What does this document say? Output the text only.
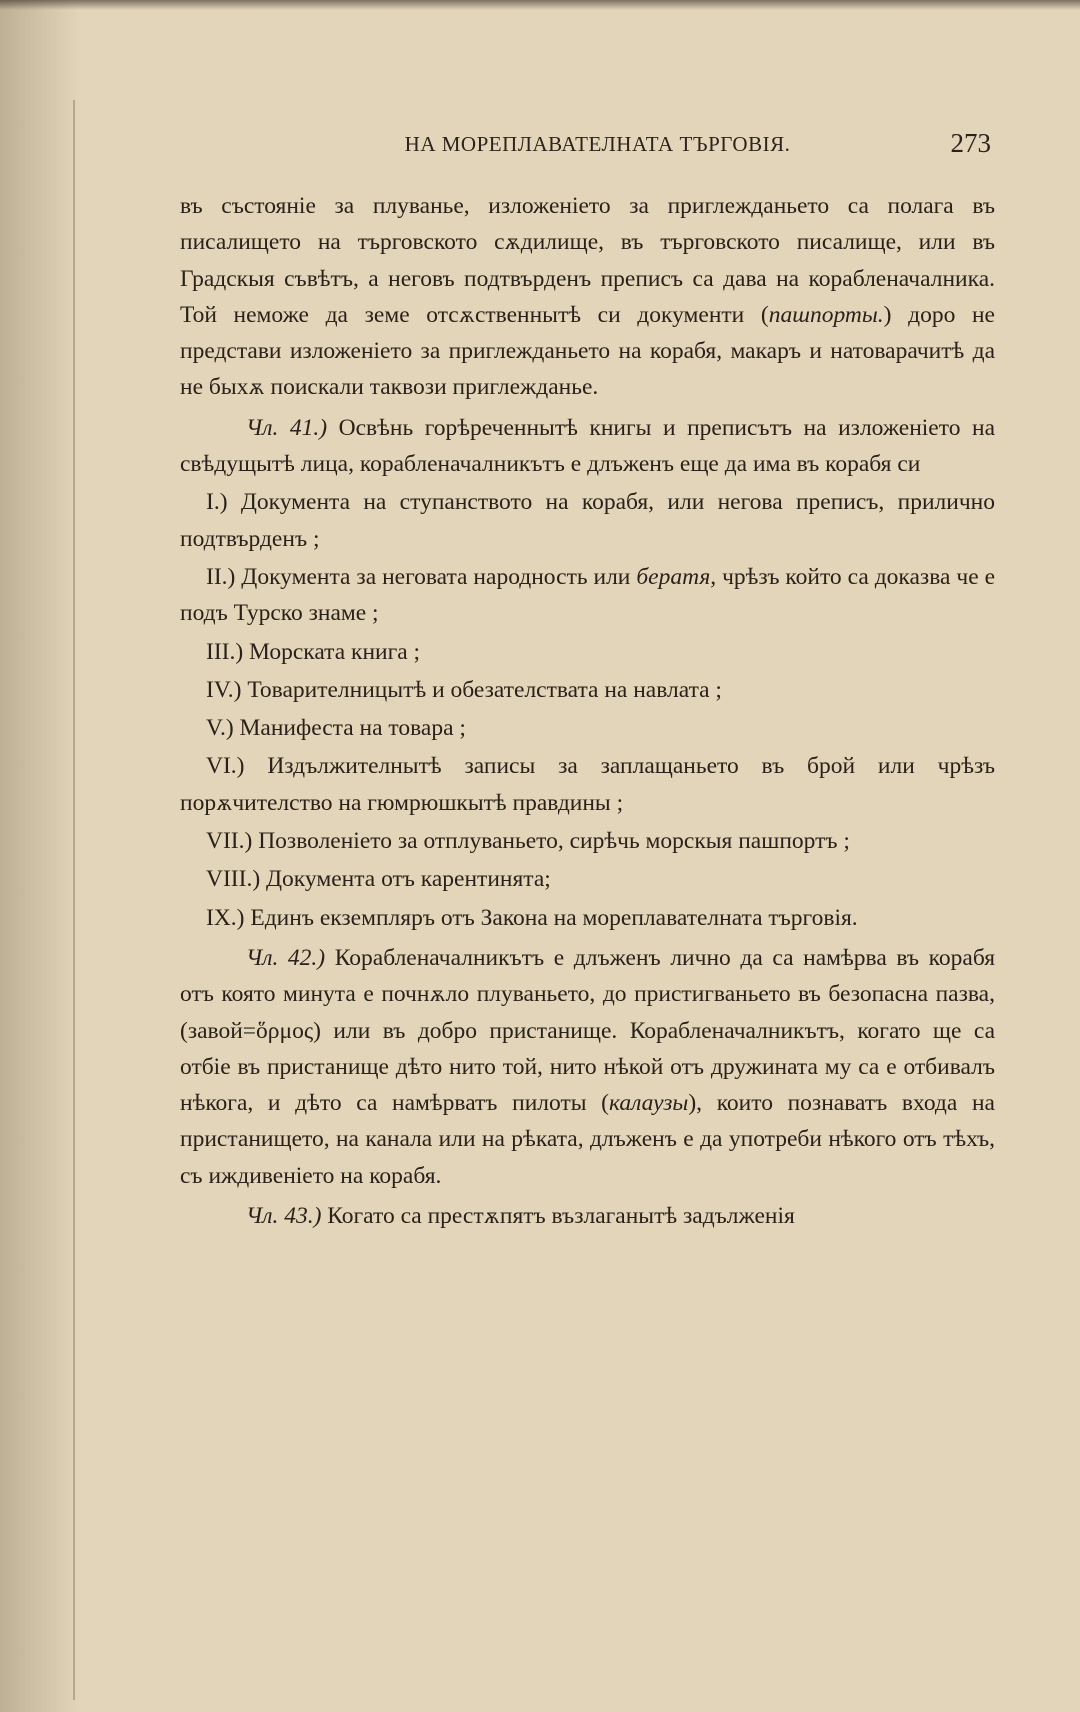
НА МОРЕПЛАВАТЕЛНАТА ТЪРГОВІЯ.	273

въ състояніе за плуванье, изложеніето за приглежданьето са полага въ писалището на търговското сѫдилище, въ търговското писалище, или въ Градскыя съвѣтъ, а неговъ подтвърденъ преписъ са дава на корабленачалника. Той неможе да земе отсѫственнытѣ си документи (пашпорты.) доро не представи изложеніето за приглежданьето на корабя, макаръ и натоварачитѣ да не быхѫ поискали таквози приглежданье.

Чл. 41.) Освѣнь горѣреченнытѣ книгы и преписътъ на изложеніето на свѣдущытѣ лица, корабленачалникътъ е длъженъ еще да има въ корабя си

I.) Документа на ступанството на корабя, или негова преписъ, прилично подтвърденъ ;

II.) Документа за неговата народность или бератя, чрѣзъ който са доказва че е подъ Турско знаме ;

III.) Морската книга ;

IV.) Товарителницытѣ и обезателствата на навлата ;

V.) Манифеста на товара ;

VI.) Издължителнытѣ записы за заплащаньето въ брой или чрѣзъ порѫчителство на гюмрюшкытѣ правдины ;

VII.) Позволеніето за отплуваньето, сирѣчь морскыя пашпортъ ;

VIII.) Документа отъ карентинята;

IX.) Единъ екземпляръ отъ Закона на мореплавателната търговія.

Чл. 42.) Корабленачалникътъ е длъженъ лично да са намѣрва въ корабя отъ която минута е почнѫло плуваньето, до пристигваньето въ безопасна пазва, (завой=ὅρμος) или въ добро пристанище. Корабленачалникътъ, когато ще са отбіе въ пристанище дѣто нито той, нито нѣкой отъ дружината му са е отбивалъ нѣкога, и дѣто са намѣрватъ пилоты (калаузы), които познаватъ входа на пристанището, на канала или на рѣката, длъженъ е да употреби нѣкого отъ тѣхъ, съ иждивеніето на корабя.

Чл. 43.) Когато са престѫпятъ възлаганытѣ задълженія
